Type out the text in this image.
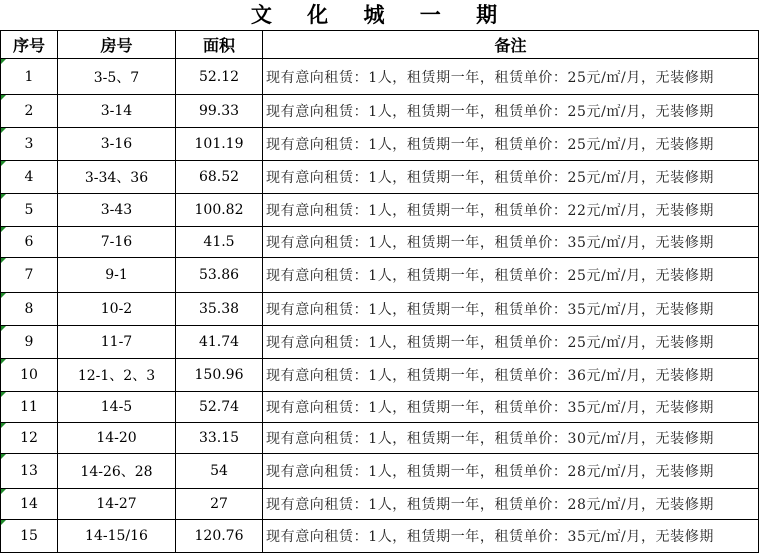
文 化 城 一 期
序号	房号	面积	备注
1	3-5、7	52.12	现有意向租赁：1人，租赁期一年，租赁单价：25元/㎡/月，无装修期
2	3-14	99.33	现有意向租赁：1人，租赁期一年，租赁单价：25元/㎡/月，无装修期
3	3-16	101.19	现有意向租赁：1人，租赁期一年，租赁单价：25元/㎡/月，无装修期
4	3-34、36	68.52	现有意向租赁：1人，租赁期一年，租赁单价：25元/㎡/月，无装修期
5	3-43	100.82	现有意向租赁：1人，租赁期一年，租赁单价：22元/㎡/月，无装修期
6	7-16	41.5	现有意向租赁：1人，租赁期一年，租赁单价：35元/㎡/月，无装修期
7	9-1	53.86	现有意向租赁：1人，租赁期一年，租赁单价：25元/㎡/月，无装修期
8	10-2	35.38	现有意向租赁：1人，租赁期一年，租赁单价：35元/㎡/月，无装修期
9	11-7	41.74	现有意向租赁：1人，租赁期一年，租赁单价：25元/㎡/月，无装修期
10	12-1、2、3	150.96	现有意向租赁：1人，租赁期一年，租赁单价：36元/㎡/月，无装修期
11	14-5	52.74	现有意向租赁：1人，租赁期一年，租赁单价：35元/㎡/月，无装修期
12	14-20	33.15	现有意向租赁：1人，租赁期一年，租赁单价：30元/㎡/月，无装修期
13	14-26、28	54	现有意向租赁：1人，租赁期一年，租赁单价：28元/㎡/月，无装修期
14	14-27	27	现有意向租赁：1人，租赁期一年，租赁单价：28元/㎡/月，无装修期
15	14-15/16	120.76	现有意向租赁：1人，租赁期一年，租赁单价：35元/㎡/月，无装修期
